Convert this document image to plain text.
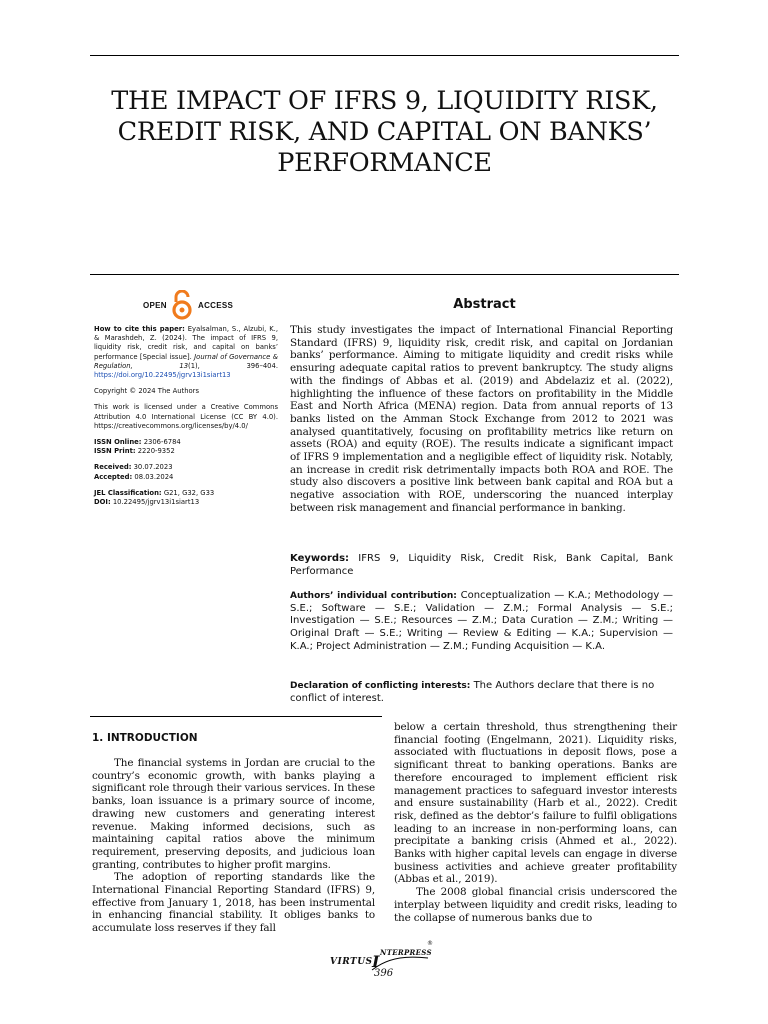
THE IMPACT OF IFRS 9, LIQUIDITY RISK, CREDIT RISK, AND CAPITAL ON BANKS’ PERFORMANCE
OPEN	ACCESS

How to cite this paper: Eyalsalman, S., Alzubi, K., & Marashdeh, Z. (2024). The impact of IFRS 9, liquidity risk, credit risk, and capital on banks’ performance [Special issue]. Journal of Governance & Regulation, 13(1), 396–404. https://doi.org/10.22495/jgrv13i1siart13

Copyright © 2024 The Authors

This work is licensed under a Creative Commons Attribution 4.0 International License (CC BY 4.0). https://creativecommons.org/licenses/by/4.0/

ISSN Online: 2306-6784
ISSN Print: 2220-9352

Received: 30.07.2023
Accepted: 08.03.2024

JEL Classification: G21, G32, G33
DOI: 10.22495/jgrv13i1siart13

Abstract

This study investigates the impact of International Financial Reporting Standard (IFRS) 9, liquidity risk, credit risk, and capital on Jordanian banks’ performance. Aiming to mitigate liquidity and credit risks while ensuring adequate capital ratios to prevent bankruptcy. The study aligns with the findings of Abbas et al. (2019) and Abdelaziz et al. (2022), highlighting the influence of these factors on profitability in the Middle East and North Africa (MENA) region. Data from annual reports of 13 banks listed on the Amman Stock Exchange from 2012 to 2021 was analysed quantitatively, focusing on profitability metrics like return on assets (ROA) and equity (ROE). The results indicate a significant impact of IFRS 9 implementation and a negligible effect of liquidity risk. Notably, an increase in credit risk detrimentally impacts both ROA and ROE. The study also discovers a positive link between bank capital and ROA but a negative association with ROE, underscoring the nuanced interplay between risk management and financial performance in banking.

Keywords: IFRS 9, Liquidity Risk, Credit Risk, Bank Capital, Bank Performance

Authors’ individual contribution: Conceptualization — K.A.; Methodology — S.E.; Software — S.E.; Validation — Z.M.; Formal Analysis — S.E.; Investigation — S.E.; Resources — Z.M.; Data Curation — Z.M.; Writing — Original Draft — S.E.; Writing — Review & Editing — K.A.; Supervision — K.A.; Project Administration — Z.M.; Funding Acquisition — K.A.

Declaration of conflicting interests: The Authors declare that there is no conflict of interest.

1. INTRODUCTION

The financial systems in Jordan are crucial to the country’s economic growth, with banks playing a significant role through their various services. In these banks, loan issuance is a primary source of income, drawing new customers and generating interest revenue. Making informed decisions, such as maintaining capital ratios above the minimum requirement, preserving deposits, and judicious loan granting, contributes to higher profit margins.

The adoption of reporting standards like the International Financial Reporting Standard (IFRS) 9, effective from January 1, 2018, has been instrumental in enhancing financial stability. It obliges banks to accumulate loss reserves if they fall

below a certain threshold, thus strengthening their financial footing (Engelmann, 2021). Liquidity risks, associated with fluctuations in deposit flows, pose a significant threat to banking operations. Banks are therefore encouraged to implement efficient risk management practices to safeguard investor interests and ensure sustainability (Harb et al., 2022). Credit risk, defined as the debtor’s failure to fulfil obligations leading to an increase in non-performing loans, can precipitate a banking crisis (Ahmed et al., 2022). Banks with higher capital levels can engage in diverse business activities and achieve greater profitability (Abbas et al., 2019).

The 2008 global financial crisis underscored the interplay between liquidity and credit risks, leading to the collapse of numerous banks due to

VIRTUS I NTERPRESS
®
396
